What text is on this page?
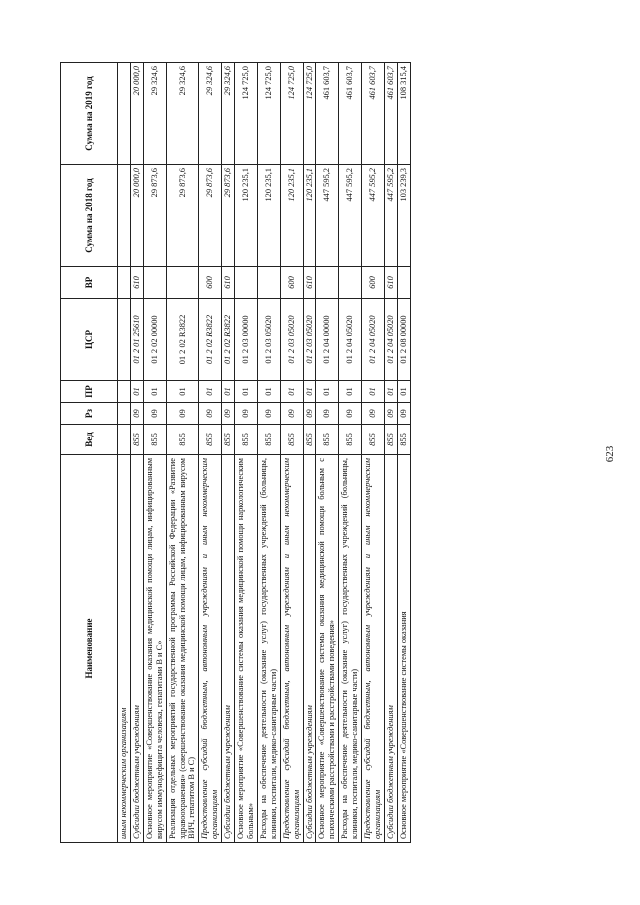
623
Наименование	Вед	Рз	ПР	ЦСР	ВР	Сумма на 2018 год	Сумма на 2019 год
иным некоммерческим организациям							
Субсидии бюджетным учреждениям	855	09	01	01 2 01 25610	610	20 000,0	20 000,0
Основное мероприятие «Совершенствование оказания медицинской помощи лицам, инфицированным вирусом иммунодефицита человека, гепатитами В и С»	855	09	01	01 2 02 00000		29 873,6	29 324,6
Реализация отдельных мероприятий государственной программы Российской Федерации «Развитие здравоохранения» (совершенствование оказания медицинской помощи лицам, инфицированным вирусом ВИЧ, гепатитом В и С)	855	09	01	01 2 02 R3822		29 873,6	29 324,6
Предоставление субсидий бюджетным, автономным учреждениям и иным некоммерческим организациям	855	09	01	01 2 02 R3822	600	29 873,6	29 324,6
Субсидии бюджетным учреждениям	855	09	01	01 2 02 R3822	610	29 873,6	29 324,6
Основное мероприятие «Совершенствование системы оказания медицинской помощи наркологическим больным»	855	09	01	01 2 03 00000		120 235,1	124 725,0
Расходы на обеспечение деятельности (оказание услуг) государственных учреждений (больницы, клиники, госпитали, медико-санитарные части)	855	09	01	01 2 03 05020		120 235,1	124 725,0
Предоставление субсидий бюджетным, автономным учреждениям и иным некоммерческим организациям	855	09	01	01 2 03 05020	600	120 235,1	124 725,0
Субсидии бюджетным учреждениям	855	09	01	01 2 03 05020	610	120 235,1	124 725,0
Основное мероприятие «Совершенствование системы оказания медицинской помощи больным с психическими расстройствами и расстройствами поведения»	855	09	01	01 2 04 00000		447 595,2	461 603,7
Расходы на обеспечение деятельности (оказание услуг) государственных учреждений (больницы, клиники, госпитали, медико-санитарные части)	855	09	01	01 2 04 05020		447 595,2	461 603,7
Предоставление субсидий бюджетным, автономным учреждениям и иным некоммерческим организациям	855	09	01	01 2 04 05020	600	447 595,2	461 603,7
Субсидии бюджетным учреждениям	855	09	01	01 2 04 05020	610	447 595,2	461 603,7
Основное мероприятие «Совершенствование системы оказания	855	09	01	01 2 08 00000		103 239,3	108 315,4
